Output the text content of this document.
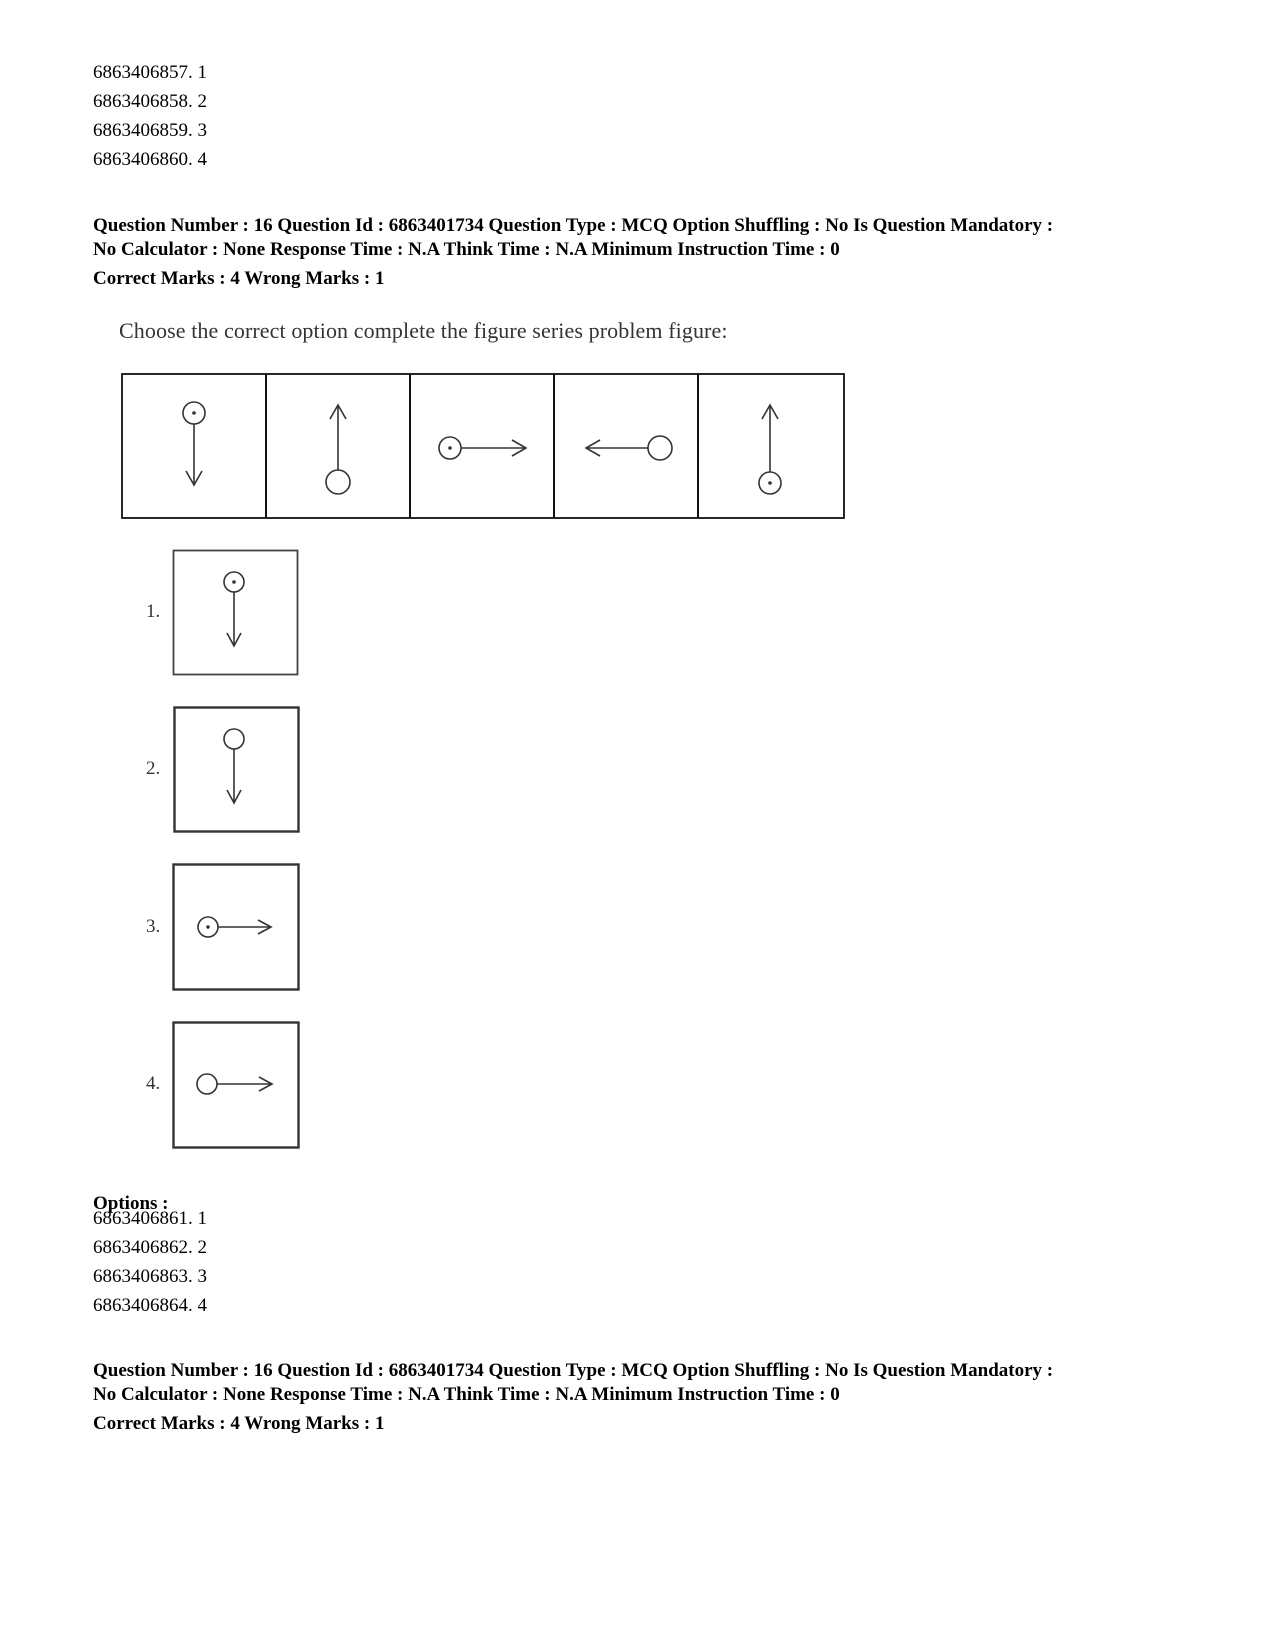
6863406857. 1
6863406858. 2
6863406859. 3
6863406860. 4
Question Number : 16 Question Id : 6863401734 Question Type : MCQ Option Shuffling : No Is Question Mandatory :
No Calculator : None Response Time : N.A Think Time : N.A Minimum Instruction Time : 0
Correct Marks : 4 Wrong Marks : 1
Choose the correct option complete the figure series problem figure:
1.
2.
3.
4.
Options :
6863406861. 1
6863406862. 2
6863406863. 3
6863406864. 4
Question Number : 16 Question Id : 6863401734 Question Type : MCQ Option Shuffling : No Is Question Mandatory :
No Calculator : None Response Time : N.A Think Time : N.A Minimum Instruction Time : 0
Correct Marks : 4 Wrong Marks : 1
